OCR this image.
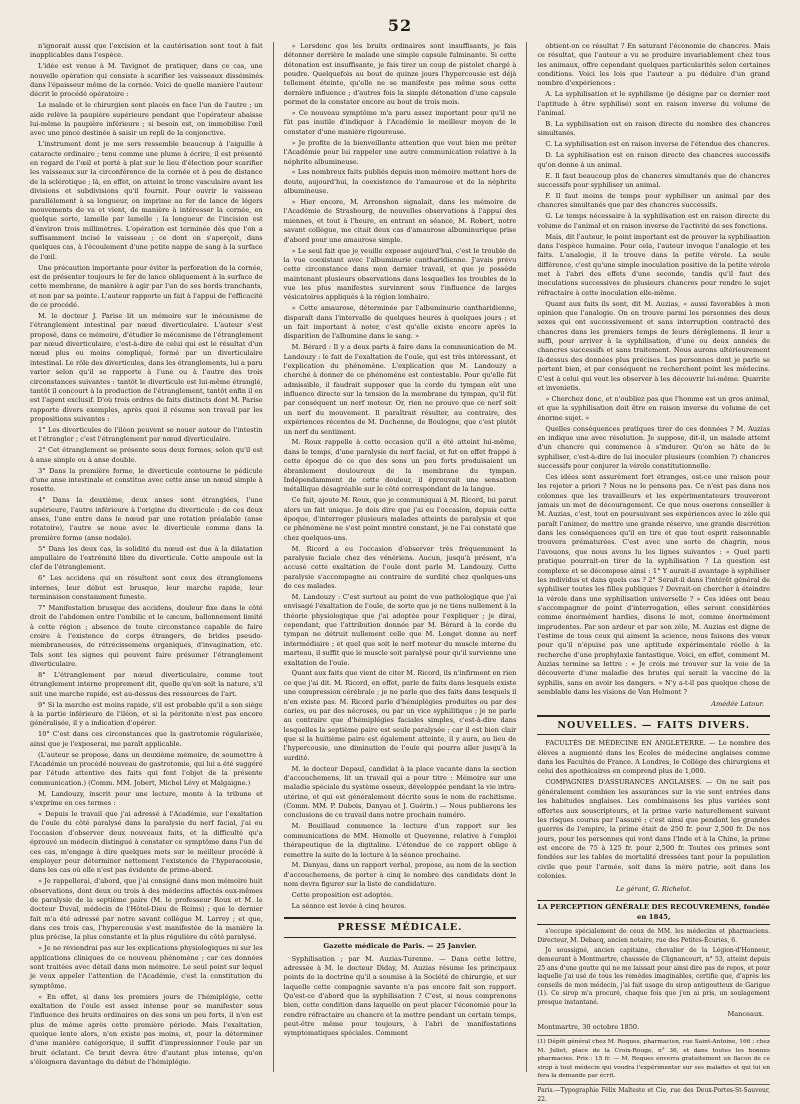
52

n'ignorait aussi que l'excision et la cautérisation sont tout à fait inapplicables dans l'espèce.

L'idée est venue à M. Tavignot de pratiquer, dans ce cas, une nouvelle opération qui consiste à scarifier les vaisseaux disséminés dans l'épaisseur même de la cornée. Voici de quelle manière l'auteur décrit le procédé opératoire :

Le malade et le chirurgien sont placés en face l'un de l'autre ; un aide relève la paupière supérieure pendant que l'opérateur abaisse lui-même la paupière inférieure ; si besoin est, on immobilise l'œil avec une pince destinée à saisir un repli de la conjonctive.

L'instrument dont je me sers ressemble beaucoup à l'aiguille à cataracte ordinaire ; tenu comme une plume à écrire, il est présenté en regard de l'œil et porté à plat sur le lieu d'élection pour scarifier les vaisseaux sur la circonférence de la cornée et à peu de distance de la sclérotique ; là, en effet, on atteint le tronc vasculaire avant les divisions et subdivisions qu'il fournit. Pour ouvrir le vaisseau parallèlement à sa longueur, on imprime au fer de lance de légers mouvements de va et vient, de manière à intéresser la cornée, en quelque sorte, lamelle par lamelle ; la longueur de l'incision est d'environ trois millimètres. L'opération est terminée dès que l'on a suffisamment incisé le vaisseau ; ce dont on s'aperçoit, dans quelques cas, à l'écoulement d'une petite nappe de sang à la surface de l'œil.

Une précaution importante pour éviter la perforation de la cornée, est de présenter toujours le fer de lance obliquement à la surface de cette membrane, de manière à agir par l'un de ses bords tranchants, et non par sa pointe. L'auteur rapporte un fait à l'appui de l'efficacité de ce procédé.

M. le docteur J. Parise lit un mémoire sur le mécanisme de l'étranglement intestinal par nœud diverticulaire. L'auteur s'est proposé, dans ce mémoire, d'étudier le mécanisme de l'étranglement par nœud diverticulaire, c'est-à-dire de celui qui est le résultat d'un nœud plus ou moins compliqué, formé par un diverticulaire intestinal. Le rôle des diverticules, dans les étranglements, lui a paru varier selon qu'il se rapporte à l'une ou à l'autre des trois circonstances suivantes : tantôt le diverticule est lui-même étranglé, tantôt il concourt à la production de l'étranglement, tantôt enfin il en est l'agent exclusif. D'où trois ordres de faits distincts dont M. Parise rapporte divers exemples, après quoi il résume son travail par les propositions suivantes :

1° Les diverticules de l'iléon peuvent se nouer autour de l'intestin et l'étrangler ; c'est l'étranglement par nœud diverticulaire.

2° Cet étranglement se présente sous deux formes, selon qu'il est à anse simple ou à anse double.

3° Dans la première forme, le diverticule contourne le pédicule d'une anse intestinale et constitue avec cette anse un nœud simple à rosette.

4° Dans la deuxième, deux anses sont étranglées, l'une supérieure, l'autre inférieure à l'origine du diverticule : de ces deux anses, l'une entre dans le nœud par une rotation préalable (anse rotatoire), l'autre se noue avec le diverticule comme dans la première forme (anse nodale).

5° Dans les deux cas, la solidité du nœud est due à la dilatation ampullaire de l'extrémité libre du diverticule. Cette ampoule est la clef de l'étranglement.

6° Les accidens qui en résultent sont ceux des étranglemens internes, leur début est brusque, leur marche rapide, leur terminaison constamment funeste.

7° Manifestation brusque des accidens, douleur fixe dans le côté droit de l'abdomen entre l'ombilic et le cæcum, ballonnement limité à cette région ; absence de toute circonstance capable de faire croire à l'existence de corps étrangers, de brides pseudo-membraneuses, de rétrécissemens organiques, d'invagination, etc. Tels sont les signes qui peuvent faire présumer l'étranglement diverticulaire.

8° L'étranglement par nœud diverticulaire, comme tout étranglement interne proprement dit, quelle qu'en soit la nature, s'il suit une marche rapide, est au-dessus des ressources de l'art.

9° Si la marche est moins rapide, s'il est probable qu'il a son siège à la partie inférieure de l'iléon, et si la péritonite n'est pas encore généralisée, il y a indication d'opérer.

10° C'est dans ces circonstances que la gastrotomie régularisée, ainsi que je l'exposerai, me paraît applicable.

(L'auteur se propose, dans un deuxième mémoire, de soumettre à l'Académie un procédé nouveau de gastrotomie, qui lui a été suggéré par l'étude attentive des faits qui font l'objet de la présente communication.) (Comm. MM. Jobert, Michel Lévy et Malgaigne.)

M. Landouzy, inscrit pour une lecture, monte à la tribune et s'exprime en ces termes :

« Depuis le travail que j'ai adressé à l'Académie, sur l'exaltation de l'ouïe du côté paralysé dans la paralysie du nerf facial, j'ai eu l'occasion d'observer deux nouveaux faits, et la difficulté qu'a éprouvé un médecin distingué à constater ce symptôme dans l'un de ces cas, m'engage à dire quelques mots sur le meilleur procédé à employer pour déterminer nettement l'existence de l'hyperacousie, dans les cas où elle n'est pas évidente de prime-abord.

» Je rappellerai, d'abord, que j'ai consigné dans mon mémoire huit observations, dont deux ou trois à des médecins affectés eux-mêmes de paralysie de la septième paire (M. le professeur Roux et M. le docteur Duval, médecin de l'Hôtel-Dieu de Reims) ; que le dernier fait m'a été adressé par notre savant collègue M. Larrey ; et que, dans ces trois cas, l'hypercousie s'est manifestée de la manière la plus précise, la plus constante et la plus régulière du côté paralysé.

» Je ne reviendrai pas sur les explications physiologiques ni sur les applications cliniques de ce nouveau phénomène ; car ces données sont traitées avec détail dans mon mémoire. Le seul point sur lequel je veux appeler l'attention de l'Académie, c'est la constitution du symptôme.

» En effet, si dans les premiers jours de l'hémiplégie, cette exaltation de l'ouïe est assez intense pour se manifester sous l'influence des bruits ordinaires on des sons un peu forts, il n'en est plus de même après cette première période. Mais l'exaltation, quoique lente alors, n'en existe pas moins, et, pour la déterminer d'une manière catégorique, il suffit d'impressionner l'ouïe par un bruit éclatant. Ce bruit devra être d'autant plus intense, qu'on s'éloignera davantage du début de l'hémiplégie.

» Lorsdonc que les bruits ordinaires sont insuffisants, je fais détonner derrière le malade une simple capsule fulminante. Si cette détonation est insuffisante, je fais tirer un coup de pistolet chargé à poudre. Quelquefois au bout de quinze jours l'hypercousie est déjà tellement éteinte, qu'elle ne se manifeste pas même sous cette dernière influence ; d'autres fois la simple détonation d'une capsule permet de la constater encore au bout de trois mois.

» Ce nouveau symptôme m'a paru assez important pour qu'il ne fût pas inutile d'indiquer à l'Académie le meilleur moyen de le constater d'une manière rigoureuse.

» Je profite de la bienveillante attention que veut bien me prêter l'Académie pour lui rappeler une autre communication relative à la néphrite albumineuse.

« Les nombreux faits publiés depuis mon mémoire mettent hors de doute, aujourd'hui, la coexistence de l'amaurose et de la néphrite albumineuse.

» Hier encore, M. Arronshon signalait, dans les mémoire de l'Académie de Strasbourg, de nouvelles observations à l'appui des miennes, et tout à l'heure, en entrant en séance, M. Robert, notre savant collègue, me citait deux cas d'amaurose albuminurique prise d'abord pour une amaurose simple.

» Le seul fait que je veuille exposer aujourd'hui, c'est le trouble de la vue coexistant avec l'albuminurie cantharidienne. J'avais prévu cette circonstance dans mon dernier travail, et que je possède maintenant plusieurs observations dans lesquelles les troubles de la vue les plus manifestes survinrent sous l'influence de larges vésicatoires appliqués à la région lombaire.

» Cette amaurose, déterminée par l'albuminurie cantharidienne, disparaît dans l'intervalle de quelques heures à quelques jours ; et un fait important à noter, c'est qu'elle existe encore après la disparition de l'albumine dans le sang. »

M. Bérard : Il y a deux parts à faire dans la communication de M. Landouzy : le fait de l'exaltation de l'ouïe, qui est très intéressant, et l'explication du phénomène. L'explication que M. Landouzy a cherché à donner de ce phénomène est contestable. Pour qu'elle fût admissible, il faudrait supposer que la corde du tympan eût une influence directe sur la tension de la membrane du tympan, qu'il fût par conséquent un nerf moteur. Or, rien ne prouve que ce nerf soit un nerf du mouvement. Il paraîtrait résulter, au contraire, des expériences récentes de M. Duchenne, de Boulogne, que c'est plutôt un nerf du sentiment.

M. Roux rappelle à cette occasion qu'il a été atteint lui-même, dans le temps, d'une paralysie du nerf facial, et fut en effet frappé à cette époque de ce que des sons un peu forts produisaient un ébranlement douloureux de la membrane du tympan. Indépendamment de cette douleur, il éprouvait une sensation métallique désagréable sur le côté correspondant de la langue.

Ce fait, ajoute M. Roux, que je communiquai à M. Ricord, lui parut alors un fait unique. Je dois dire que j'ai eu l'occasion, depuis cette époque, d'interroger plusieurs malades atteints de paralysie et que ce phénomène ne s'est point montré constant, je ne l'ai constaté que chez quelques-uns.

M. Ricord a eu l'occasion d'observer très fréquemment la paralysie faciale chez des vénériens. Aucun, jusqu'à présent, n'a accusé cette exaltation de l'ouïe dont parle M. Landouzy. Cette paralysie s'accompagne au contraire de surdité chez quelques-uns de ces malades.

M. Landouzy : C'est surtout au point de vue pathologique que j'ai envisagé l'exaltation de l'ouïe, de sorte que je ne tiens nullement à la théorie physiologique que j'ai adoptée pour l'expliquer ; je dirai, cependant, que l'attribution donnée par M. Bérard à la corde du tympan ne détruit nullement celle que M. Longet donne au nerf intermédiaire ; et quel que soit le nerf moteur du muscle interne du marteau, il suffit que le muscle soit paralysé pour qu'il survienne une exaltation de l'ouïe.

Quant aux faits que vient de citer M. Ricord, ils n'infirment en rien ce que j'ai dit. M. Ricord, en effet, parle de faits dans lesquels existe une compression cérébrale ; je ne parle que des faits dans lesquels il n'en existe pas. M. Ricord parle d'hémiplégies produites ou par des caries, ou par des nécroses, ou par un vice syphilitique ; je ne parle au contraire que d'hémiplégies faciales simples, c'est-à-dire dans lesquelles la septième paire est seule paralysée ; car il est bien clair que si la huitième paire est également atteinte, il y aura, au lieu de l'hypercousie, une diminution de l'ouïe qui pourra aller jusqu'à la surdité.

M. le docteur Depaul, candidat à la place vacante dans la section d'accouchemens, lit un travail qui a pour titre : Mémoire sur une maladie spéciale du système osseux, développée pendant la vie intra-utérine, et qui est généralement décrite sous le nom de rachitisme. (Comm. MM. P. Dubois, Danyau et J. Guérin.) — Nous publierons les conclusions de ce travail dans notre prochain numéro.

M. Bouillaud commence la lecture d'un rapport sur les communications de MM. Homolle et Quevenne, relative à l'emploi thérapeutique de la digitaline. L'étendue de ce rapport oblige à remettre la suite de la lecture à la séance prochaine.

M. Danyau, dans un rapport verbal, propose, au nom de la section d'accouchemens, de porter à cinq le nombre des candidats dont le nom devra figurer sur la liste de candidature.

Cette proposition est adoptée.

La séance est levée à cinq heures.

PRESSE MÉDICALE.
Gazette médicale de Paris. — 25 Janvier.

Syphilisation ; par M. Auzias-Turenne. — Dans cette lettre, adressée à M. le docteur Diday, M. Auzias résume les principaux points de la doctrine qu'il a soumise à la Société de chirurgie, et sur laquelle cette compagnie savante n'a pas encore fait son rapport. Qu'est-ce d'abord que la syphilisation ? C'est, si nous comprenons bien, cette condition dans laquelle on peut placer l'économie pour la rendre réfractaire au chancre et la mettre pendant un certain temps, peut-être même pour toujours, à l'abri de manifestations symptomatiques spéciales. Comment

obtient-on ce résultat ? En saturant l'économie de chancres. Mais ce résultat, que l'auteur a vu se produire invariablement chez tous les animaux, offre cependant quelques particularités selon certaines conditions. Voici les lois que l'auteur a pu déduire d'un grand nombre d'expériences :

A. La syphilisation et le syphilisme (je désigne par ce dernier mot l'aptitude à être syphilisé) sont en raison inverse du volume de l'animal.

B. La syphilisation est en raison directe du nombre des chancres simultanés.

C. La syphilisation est en raison inverse de l'étendue des chancres.

D. La syphilisation est en raison directe des chancres successifs qu'on donne à un animal.

E. Il faut beaucoup plus de chancres simultanés que de chancres successifs pour syphiliser un animal.

F. Il faut moins de temps pour syphiliser un animal par des chancres simultanés que par des chancres successifs.

G. Le temps nécessaire à la syphilisation est en raison directe du volume de l'animal et en raison inverse de l'activité de ses fonctions.

Mais, dit l'auteur, le point important est de prouver la syphilisation dans l'espèce humaine. Pour cela, l'auteur invoque l'analogie et les faits. L'analogie, il la trouve dans la petite vérole. La seule différence, c'est qu'une simple inoculation positive de la petite vérole met à l'abri des effets d'une seconde, tandis qu'il faut des inoculations successives de plusieurs chancres pour rendre le sujet réfractaire à cette inoculation elle-même.

Quant aux faits ils sont, dit M. Auzias, « aussi favorables à mon opinion que l'analogie. On en trouve parmi les personnes des deux sexes qui ont successivement et sans interruption contracté des chancres dans les premiers temps de leurs dérèglemens. Il leur a suffi, pour arriver à la syphilisation, d'une ou deux années de chancres successifs et sans traitement. Nous aurons ultérieurement là-dessus des données plus précises. Les personnes dont je parle se portent bien, et par conséquent ne recherchent point les médecins. C'est à celui qui veut les observer à les découvrir lui-même. Quærite et invenietis.

» Cherchez donc, et n'oubliez pas que l'homme est un gros animal, et que la syphilisation doit être en raison inverse du volume de cet énorme sujet. »

Quelles conséquences pratiques tirer de ces données ? M. Auzias en indique une avec résolution. Je suppose, dit-il, un malade atteint d'un chancre qui commence à s'indurer. Qu'on se hâte de le syphiliser, c'est-à-dire de lui inoculer plusieurs (combien ?) chancres successifs pour conjurer la vérole constitutionnelle.

Ces idées sont assurément fort étranges, est-ce une raison pour les rejeter a priori ? Nous ne le pensons pas. Ce n'est pas dans nos colonnes que les travailleurs et les expérimentateurs trouveront jamais un mot de découragement. Ce que nous oserons conseiller à M. Auzias, c'est, tout en poursuivant ses expériences avec le zèle qui paraît l'animer, de mettre une grande réserve, une grande discrétion dans les conséquences qu'il en tire et que tout esprit raisonnable trouvera prématurées. C'est avec une sorte de chagrin, nous l'avouons, que nous avons lu les lignes suivantes : « Quel parti pratique pourrait-on tirer de la syphilisation ? La question est complexe et se décompose ainsi : 1° Y aurait-il avantage à syphiliser les individus et dans quels cas ? 2° Serait-il dans l'intérêt général de syphiliser toutes les filles publiques ? Devrait-on chercher à éteindre la vérole dans une syphilisation universelle ? » Ces idées ont beau s'accompagner de point d'interrogation, elles seront considérées comme énormément hardies, disons le mot, comme énormément imprudentes. Par son ardeur et par son zèle, M. Auzias est digne de l'estime de tous ceux qui aiment la science, nous faisons des vœux pour qu'il n'épuise pas une aptitude expérimentale réelle à la recherche d'une prophylaxie fantastique. Voici, en effet, comment M. Auzias termine sa lettre : « Je crois me trouver sur la voie de la découverte d'une maladie des brutes qui serait la vaccine de la syphilis, sans en avoir les dangers. » N'y a-t-il pas quelque chose de semblable dans les visions de Van Helmont ?

Amédée Latour.
NOUVELLES. — FAITS DIVERS.

FACULTÉS DE MÉDECINE EN ANGLETERRE. — Le nombre des élèves a augmenté dans les Écoles de médecine anglaises comme dans les Facultés de France. A Londres, le Collège des chirurgiens et celui des apothicaires en comprend plus de 1,000.

COMPAGNIES D'ASSURANCES ANGLAISES. — On ne sait pas généralement combien les assurances sur la vie sont entrées dans les habitudes anglaises. Les combinaisons les plus variées sont offertes aux souscripteurs, et la prime varie naturellement suivant les risques courus par l'assuré ; c'est ainsi que pendant les grandes guerres de l'empire, la prime était de 250 fr. pour 2,500 fr. De nos jours, pour les personnes qui vont dans l'Inde et à la Chine, la prime est encore de 75 à 125 fr. pour 2,500 fr. Toutes ces primes sont fondées sur les tables de mortalité dressées tant pour la population civile que pour l'armée, soit dans la mère patrie, soit dans les colonies.

Le gérant, G. Richelot.
LA PERCEPTION GÉNÉRALE DES RECOUVREMENS, fondée en 1845,

s'occupe spécialement de ceux de MM. les médecins et pharmaciens. Directeur, M. Debacq, ancien notaire, rue des Petites-Écuries, 6.

Je soussigné, ancien capitaine, chevalier de la Légion-d'Honneur, demeurant à Montmartre, chaussée de Clignancourt, n° 53, atteint depuis 25 ans d'une goutte qui ne me laissait pour ainsi dire pas de repos, et pour laquelle j'ai usé de tous les remèdes imaginables, certifie que, d'après les conseils de mon médecin, j'ai fait usage du sirop antigoutteux de Garigue (1). Ce sirop m'a procuré, chaque fois que j'en ai pris, un soulagement presque instantané.

Manceaux.
Montmartre, 30 octobre 1850.
(1) Dépôt général chez M. Roques, pharmacien, rue Saint-Antoine, 166 ; chez M. Juliet, place de la Croix-Rouge, n° 36, et dans toutes les bonnes pharmacies. Prix : 15 fr. — M. Roques enverra gratuitement un flacon de ce sirop à tout médecin qui voudra l'expérimenter sur ses malades et qui lui en fera la demande par écrit.
Paris.—Typographie Félix Malteste et Cie, rue des Deux-Portes-St-Sauveur, 22.
